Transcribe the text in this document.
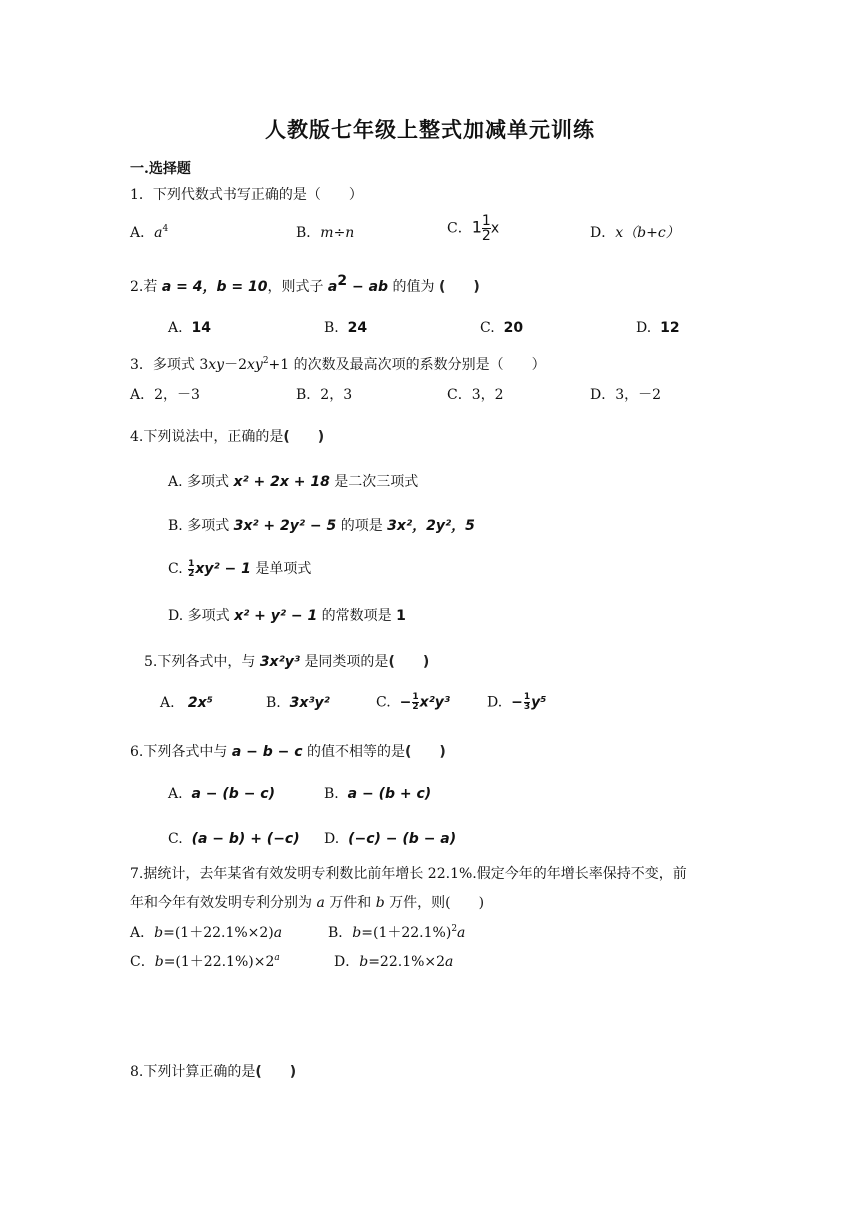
人教版七年级上整式加减单元训练
一.选择题
1．下列代数式书写正确的是（　　）
A．$a^4$	B．m÷n	C．$1 \frac{1}{2}$ x	D．x（b+c）
2.若 a = 4，b = 10，则式子 $a^2$ − ab 的值为 (　　)
A. 14	B. 24	C. 20	D. 12
3．多项式 $3xy-2xy^2+1$ 的次数及最高次项的系数分别是（　　）
A．2，－3	B．2，3	C．3，2	D．3，－2
4.下列说法中，正确的是(　　)
A. 多项式 x² + 2x + 18 是二次三项式
B. 多项式 3x² + 2y² − 5 的项是 3x²，2y²，5
C. $\frac{1}{2} xy^2 - 1$ 是单项式
D. 多项式 x² + y² − 1 的常数项是 1
5.下列各式中，与 3x²y³ 是同类项的是(　　)
A. 2x⁵	B. 3x³y²	C. − $\frac{1}{2} x^2y^3$	D. − $\frac{1}{3} y^5$
6.下列各式中与 a − b − c 的值不相等的是(　　)
A. a − (b − c)	B. a − (b + c)
C. (a − b) + (−c) D. (−c) − (b − a)
7.据统计，去年某省有效发明专利数比前年增长 22.1%.假定今年的年增长率保持不变，前
年和今年有效发明专利分别为 a 万件和 b 万件，则(　　)
A．b=(1＋22.1%×2)a	B．$b=(1+22.1\%)^2a$
C．$b=(1+22.1\%)\times 2^a$	D．b=22.1%×2a
8.下列计算正确的是(　　)
